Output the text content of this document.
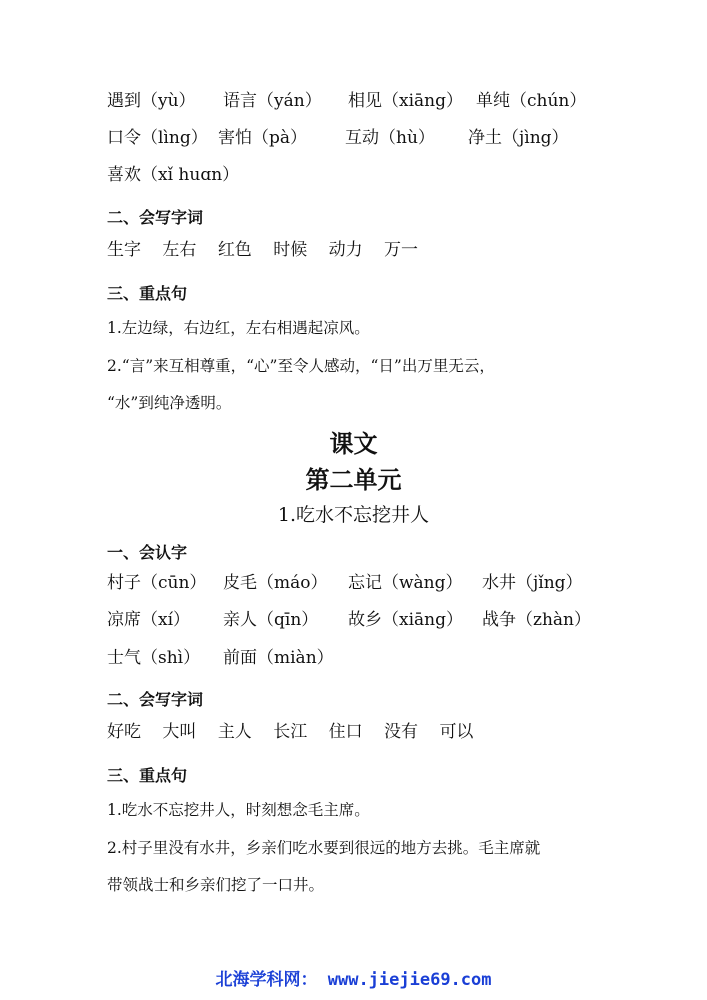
遇到（yù） 语言（yán） 相见（xiāng） 单纯（chún）
口令（lìng） 害怕（pà） 互动（hù） 净土（jìng）
喜欢（xǐ huɑn）
二、会写字词
生字 左右 红色 时候 动力 万一
三、重点句
1.左边绿，右边红，左右相遇起凉风。
2.“言”来互相尊重，“心”至令人感动，“日”出万里无云，
“水”到纯净透明。
课文
第二单元
1.吃水不忘挖井人
一、会认字
村子（cūn） 皮毛（máo） 忘记（wàng） 水井（jǐng）
凉席（xí） 亲人（qīn） 故乡（xiāng） 战争（zhàn）
士气（shì） 前面（miàn）
二、会写字词
好吃 大叫 主人 长江 住口 没有 可以
三、重点句
1.吃水不忘挖井人，时刻想念毛主席。
2.村子里没有水井，乡亲们吃水要到很远的地方去挑。毛主席就
带领战士和乡亲们挖了一口井。
北海学科网： www.jiejie69.com
